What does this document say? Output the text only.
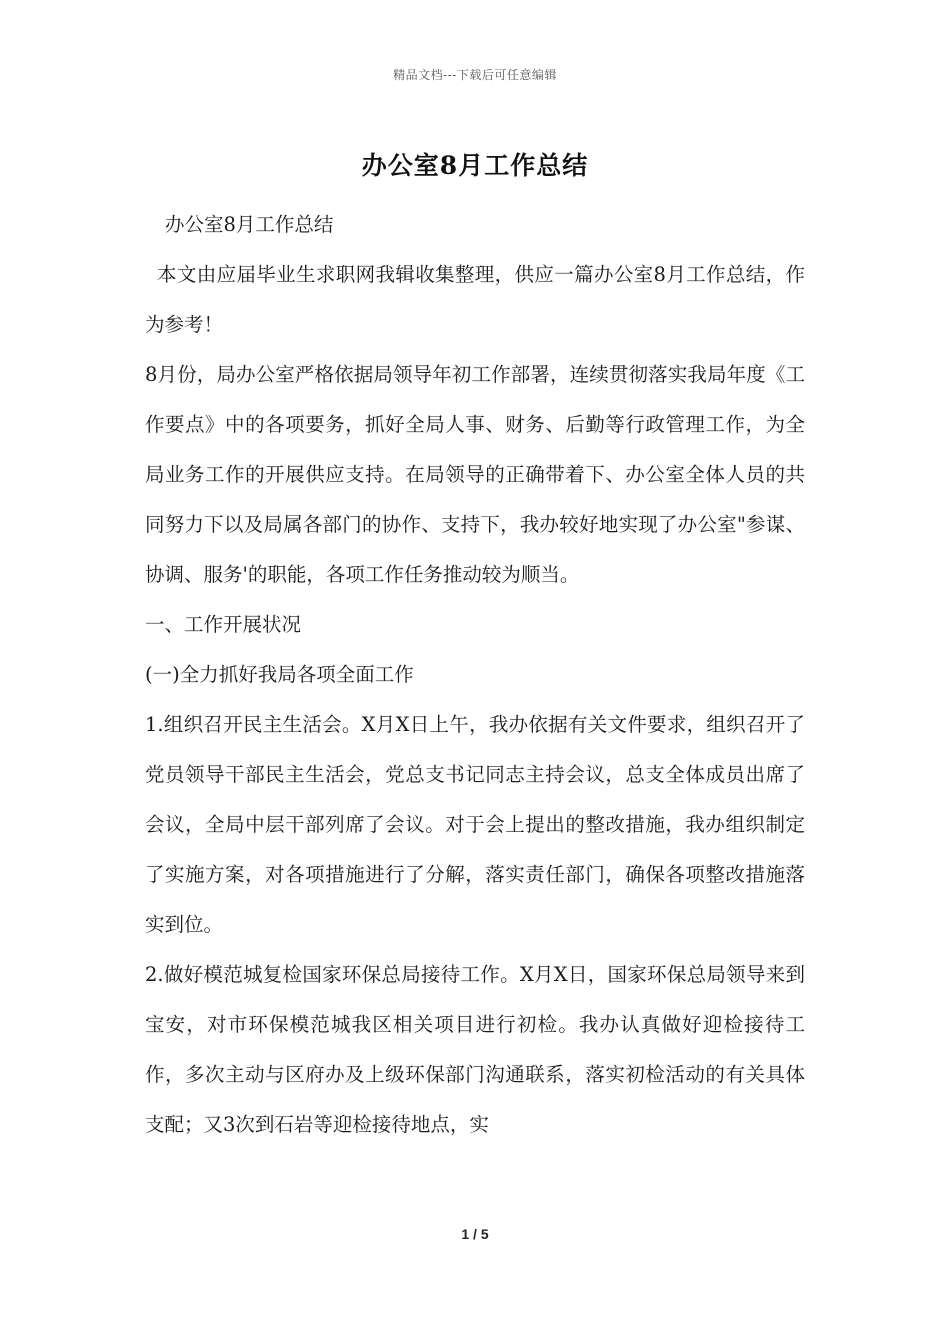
精品文档---下载后可任意编辑
办公室8月工作总结

办公室8月工作总结

本文由应届毕业生求职网我辑收集整理，供应一篇办公室8月工作总结，作为参考！

8月份，局办公室严格依据局领导年初工作部署，连续贯彻落实我局年度《工作要点》中的各项要务，抓好全局人事、财务、后勤等行政管理工作，为全局业务工作的开展供应支持。在局领导的正确带着下、办公室全体人员的共同努力下以及局属各部门的协作、支持下，我办较好地实现了办公室"参谋、协调、服务'的职能，各项工作任务推动较为顺当。

一、工作开展状况

(一)全力抓好我局各项全面工作

1.组织召开民主生活会。X月X日上午，我办依据有关文件要求，组织召开了党员领导干部民主生活会，党总支书记同志主持会议，总支全体成员出席了会议，全局中层干部列席了会议。对于会上提出的整改措施，我办组织制定了实施方案，对各项措施进行了分解，落实责任部门，确保各项整改措施落实到位。

2.做好模范城复检国家环保总局接待工作。X月X日，国家环保总局领导来到宝安，对市环保模范城我区相关项目进行初检。我办认真做好迎检接待工作，多次主动与区府办及上级环保部门沟通联系，落实初检活动的有关具体支配；又3次到石岩等迎检接待地点，实

1 / 5
